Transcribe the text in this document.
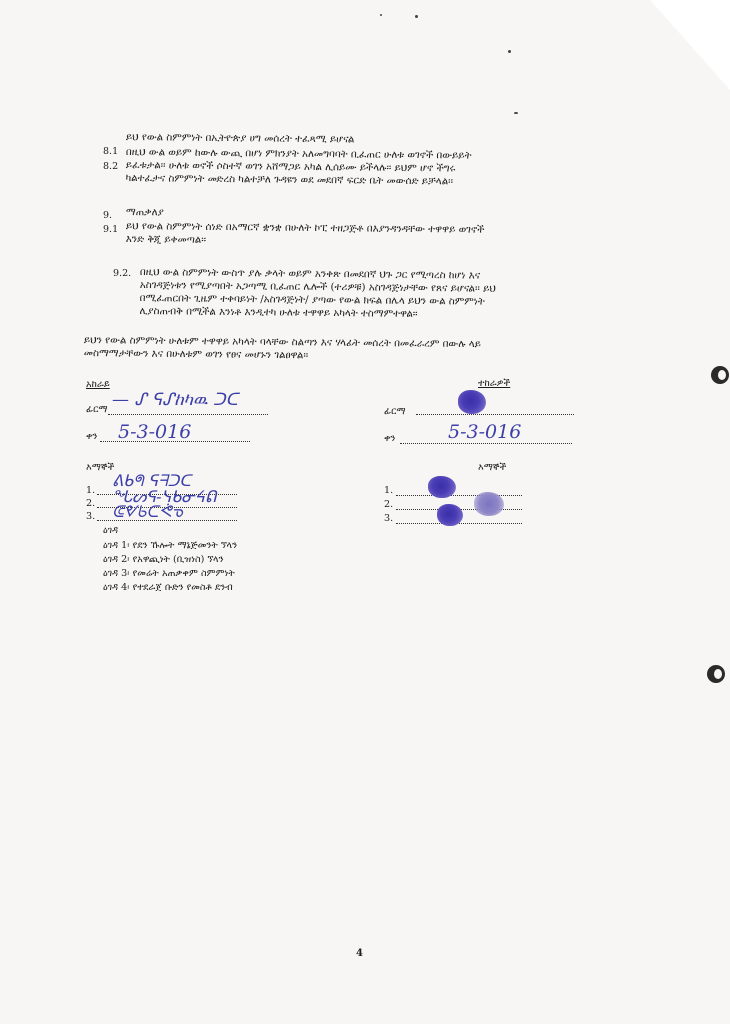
8.1
ይህ የውል ስምምነት በኢትዮጵያ ሀግ መሰረት ተፈጻሚ ይሆናል
8.2
በዚህ ውል ወይም ከውሉ ውጪ በሆነ ምክንያት አለመግባባት ቢፈጠር ሁለቱ ወገኖች በውይይት
ይፈቱታል፡፡ ሁለቱ ወኖች ሶስተኛ ወገን አሸማጋይ አካል ሊሰይሙ ይችላሉ፡፡ ይህም ሆኖ ችግሩ
ካልተፈታና ስምምነት መድረስ ካልተቻለ ጉዳዩን ወደ መደበኛ ፍርድ ቤት መውሰድ ይቻላል፡፡
9. ማጠቃለያ
9.1 ይህ የውል ስምምነት ሰነድ በአማርኛ ቋንቋ በሁለት ኮፒ ተዘጋጅቶ በእያንዳንዳቸው ተዋዋይ ወገኖች
እንድ ቅጂ ይቀመጣል፡፡
9.2. በዚህ ውል ስምምነት ውስጥ ያሉ ቃላት ወይም አንቀጽ በመደበኛ ህጉ ጋር የሚጣረስ ከሆነ እና
አስገዳጅነቱን የሚያጣበት አጋጣሚ ቢፈጠር ሌሎች (ተሪዎቹ) አስገዳጅነታቸው የጸና ይሆናል፡፡ ይህ
በሚፈጠርበት ጊዜም ተቀባይነት /አስገዳጅነት/ ያጣው የውል ክፍል በሌላ ይህን ውል ስምምነት
ሊያስጠብቅ በሚችል እንነቶ እንዲተካ ሁለቱ ተዋዋይ አካላት ተስማምተዋል፡፡
ይህን የውል ስምምነት ሁለቱም ተዋዋይ አካላት ባላቸው ስልጣን እና ሃላፊት መሰረት በመፈራረም በውሉ ላይ
መስማማታቸውን እና በሁለቱም ወገን የፀና መሆኑን ገልፀዋል፡፡
አከራይ
ፊርማ — ᔑ ᕋᔑከካዉ ᑐᑕ
ቀን 5-3-016
እማኞች
1.
ᕕᑲᖗ ᕋᖷᑐᑕ
2. ᖓᔕᕋ-ᓭᑲᓂᔦᕠ
3. ᕳᕓᑲᑕᕚᓀ
ዕገዳ
ዕገዳ 1፡ የደን ኹሎት ማኔጅመንት ኘላን
ዕገዳ 2፡ የአዋጪነት (ቢዝነስ) ኘላን
ዕገዳ 3፡ የመሬት አጠቃቀም ስምምነት
ዕገዳ 4፡ የተደራጀ ቡድን የመስቶ ደንብ
ተከራዎች
ፊርማ
ቀን	5-3-016
እማኞች
1.
2.
3.
4
